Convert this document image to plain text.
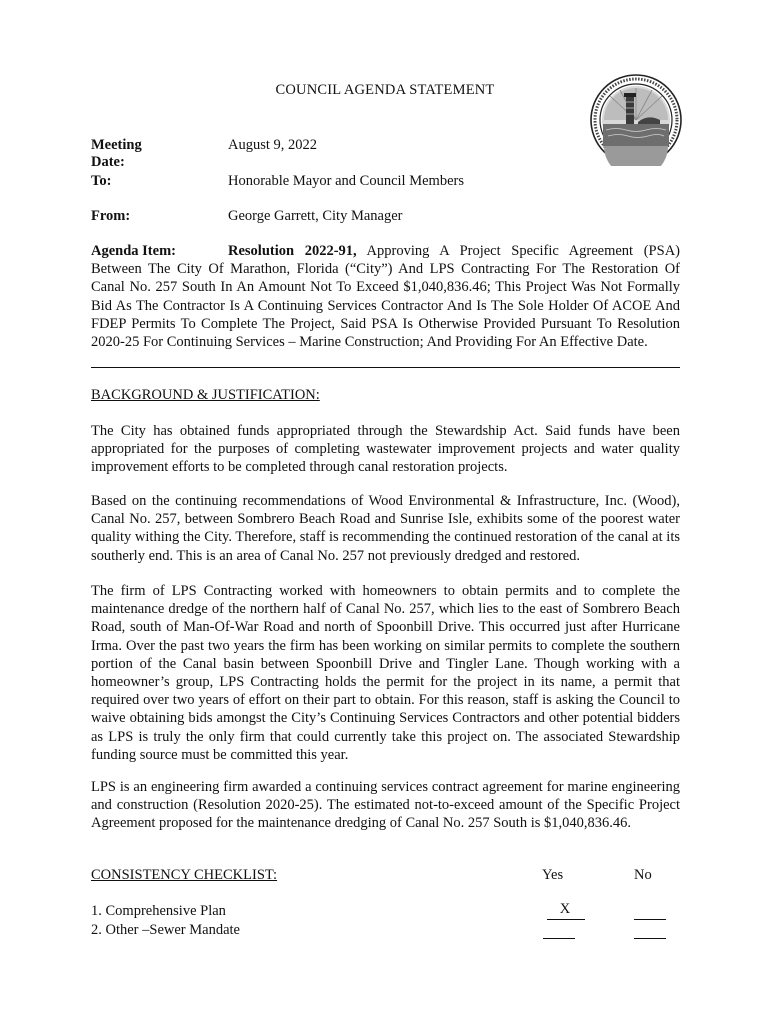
COUNCIL AGENDA STATEMENT
Meeting Date:
August 9, 2022
To:	Honorable Mayor and Council Members
From:	George Garrett, City Manager
Agenda Item:	Resolution 2022-91, Approving A Project Specific Agreement (PSA) Between The City Of Marathon, Florida (“City”) And LPS Contracting For The Restoration Of Canal No. 257 South In An Amount Not To Exceed $1,040,836.46; This Project Was Not Formally Bid As The Contractor Is A Continuing Services Contractor And Is The Sole Holder Of ACOE And FDEP Permits To Complete The Project, Said PSA Is Otherwise Provided Pursuant To Resolution 2020-25 For Continuing Services – Marine Construction; And Providing For An Effective Date.
BACKGROUND & JUSTIFICATION:
The City has obtained funds appropriated through the Stewardship Act. Said funds have been appropriated for the purposes of completing wastewater improvement projects and water quality improvement efforts to be completed through canal restoration projects.
Based on the continuing recommendations of Wood Environmental & Infrastructure, Inc. (Wood), Canal No. 257, between Sombrero Beach Road and Sunrise Isle, exhibits some of the poorest water quality withing the City. Therefore, staff is recommending the continued restoration of the canal at its southerly end. This is an area of Canal No. 257 not previously dredged and restored.
The firm of LPS Contracting worked with homeowners to obtain permits and to complete the maintenance dredge of the northern half of Canal No. 257, which lies to the east of Sombrero Beach Road, south of Man-Of-War Road and north of Spoonbill Drive. This occurred just after Hurricane Irma. Over the past two years the firm has been working on similar permits to complete the southern portion of the Canal basin between Spoonbill Drive and Tingler Lane. Though working with a homeowner’s group, LPS Contracting holds the permit for the project in its name, a permit that required over two years of effort on their part to obtain. For this reason, staff is asking the Council to waive obtaining bids amongst the City’s Continuing Services Contractors and other potential bidders as LPS is truly the only firm that could currently take this project on. The associated Stewardship funding source must be committed this year.
LPS is an engineering firm awarded a continuing services contract agreement for marine engineering and construction (Resolution 2020-25). The estimated not-to-exceed amount of the Specific Project Agreement proposed for the maintenance dredging of Canal No. 257 South is $1,040,836.46.
CONSISTENCY CHECKLIST:	Yes	No
1. Comprehensive Plan	X
2. Other –Sewer Mandate
